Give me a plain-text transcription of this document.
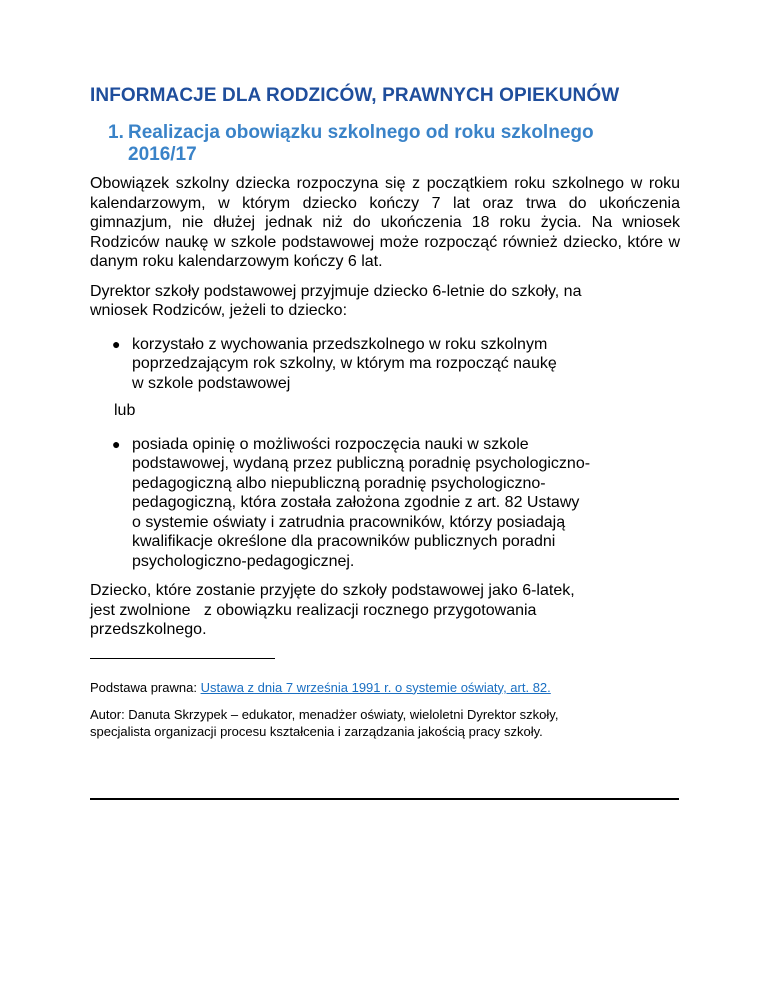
INFORMACJE DLA RODZICÓW, PRAWNYCH OPIEKUNÓW
1. Realizacja obowiązku szkolnego od roku szkolnego
2016/17

Obowiązek szkolny dziecka rozpoczyna się z początkiem roku szkolnego w roku kalendarzowym, w którym dziecko kończy 7 lat oraz trwa do ukończenia gimnazjum, nie dłużej jednak niż do ukończenia 18 roku życia. Na wniosek Rodziców naukę w szkole podstawowej może rozpocząć również dziecko, które w danym roku kalendarzowym kończy 6 lat.

Dyrektor szkoły podstawowej przyjmuje dziecko 6-letnie do szkoły, na
wniosek Rodziców, jeżeli to dziecko:

● korzystało z wychowania przedszkolnego w roku szkolnym
poprzedzającym rok szkolny, w którym ma rozpocząć naukę
w szkole podstawowej

lub

● posiada opinię o możliwości rozpoczęcia nauki w szkole
podstawowej, wydaną przez publiczną poradnię psychologiczno-
pedagogiczną albo niepubliczną poradnię psychologiczno-
pedagogiczną, która została założona zgodnie z art. 82 Ustawy
o systemie oświaty i zatrudnia pracowników, którzy posiadają
kwalifikacje określone dla pracowników publicznych poradni
psychologiczno-pedagogicznej.

Dziecko, które zostanie przyjęte do szkoły podstawowej jako 6-latek,
jest zwolnione   z obowiązku realizacji rocznego przygotowania
przedszkolnego.

Podstawa prawna: Ustawa z dnia 7 września 1991 r. o systemie oświaty, art. 82.

Autor: Danuta Skrzypek – edukator, menadżer oświaty, wieloletni Dyrektor szkoły,
specjalista organizacji procesu kształcenia i zarządzania jakością pracy szkoły.
